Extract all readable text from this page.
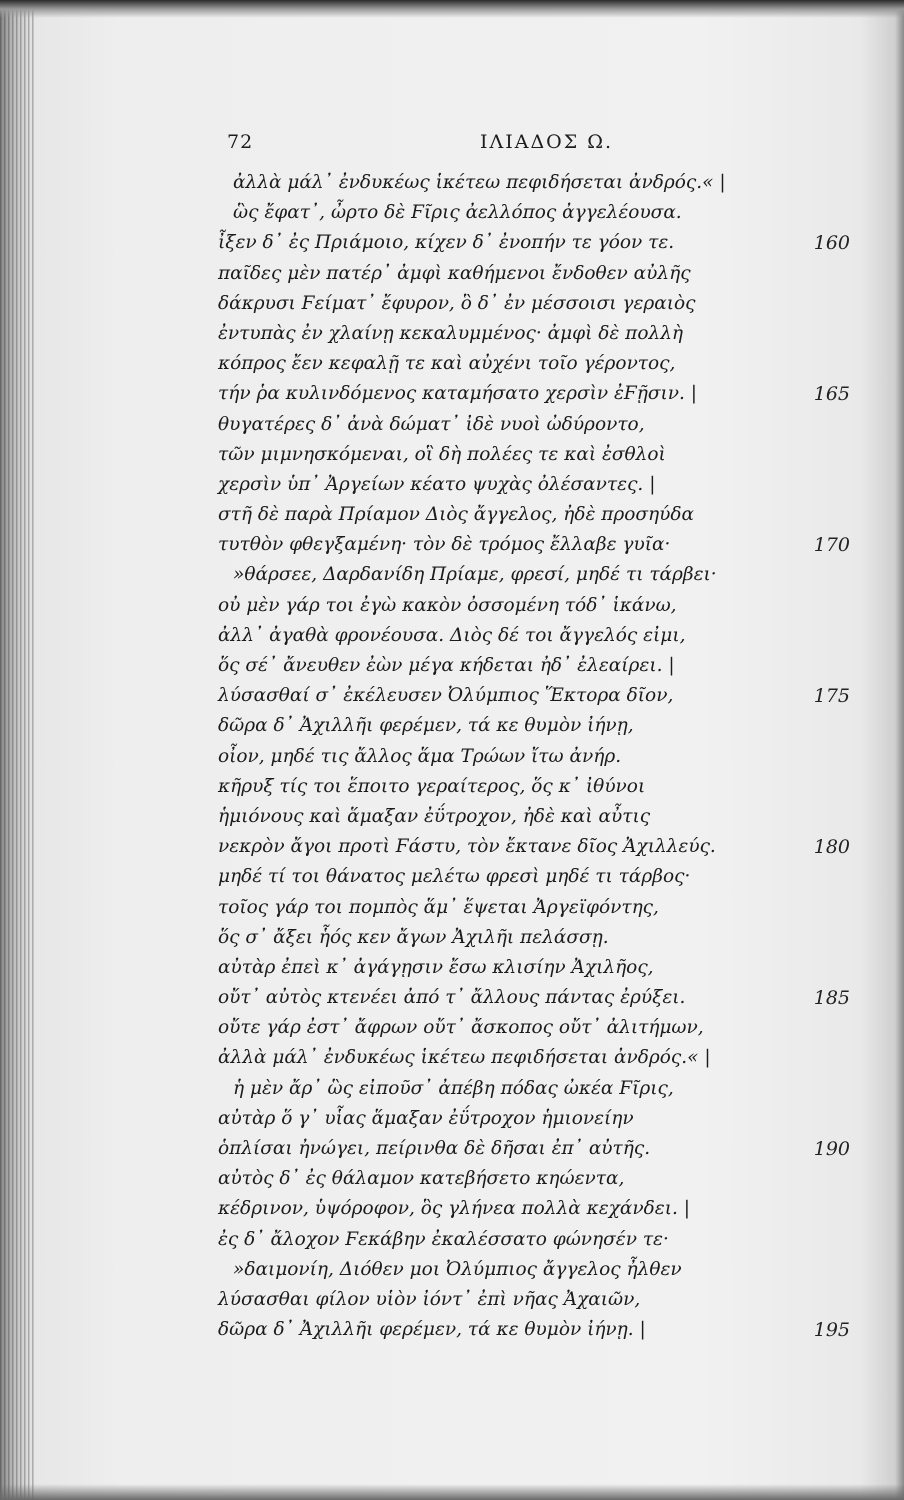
72	ΙΛΙΑΔΟΣ Ω.
ἀλλὰ μάλ᾽ ἐνδυκέως ἱκέτεω πεφιδήσεται ἀνδρός.« |
ὣς ἔφατ᾽, ὦρτο δὲ Ϝῖρις ἀελλόπος ἀγγελέουσα.
ἶξεν δ᾽ ἐς Πριάμοιο, κίχεν δ᾽ ἐνοπήν τε γόον τε.	160
παῖδες μὲν πατέρ᾽ ἀμφὶ καθήμενοι ἔνδοθεν αὐλῆς
δάκρυσι Ϝείματ᾽ ἔφυρον, ὃ δ᾽ ἐν μέσσοισι γεραιὸς
ἐντυπὰς ἐν χλαίνῃ κεκαλυμμένος· ἀμφὶ δὲ πολλὴ
κόπρος ἔεν κεφαλῇ τε καὶ αὐχένι τοῖο γέροντος,
τήν ῥα κυλινδόμενος καταμήσατο χερσὶν ἐϜῇσιν. |	165
θυγατέρες δ᾽ ἀνὰ δώματ᾽ ἰδὲ νυοὶ ὠδύροντο,
τῶν μιμνησκόμεναι, οἳ δὴ πολέες τε καὶ ἐσθλοὶ
χερσὶν ὑπ᾽ Ἀργείων κέατο ψυχὰς ὀλέσαντες. |
στῆ δὲ παρὰ Πρίαμον Διὸς ἄγγελος, ἠδὲ προσηύδα
τυτθὸν φθεγξαμένη· τὸν δὲ τρόμος ἔλλαβε γυῖα·	170
»θάρσεε, Δαρδανίδη Πρίαμε, φρεσί, μηδέ τι τάρβει·
οὐ μὲν γάρ τοι ἐγὼ κακὸν ὀσσομένη τόδ᾽ ἱκάνω,
ἀλλ᾽ ἀγαθὰ φρονέουσα. Διὸς δέ τοι ἄγγελός εἰμι,
ὅς σέ᾽ ἄνευθεν ἐὼν μέγα κήδεται ἠδ᾽ ἐλεαίρει. |
λύσασθαί σ᾽ ἐκέλευσεν Ὀλύμπιος Ἕκτορα δῖον,	175
δῶρα δ᾽ Ἀχιλλῆι φερέμεν, τά κε θυμὸν ἰήνῃ,
οἶον, μηδέ τις ἄλλος ἅμα Τρώων ἴτω ἀνήρ.
κῆρυξ τίς τοι ἕποιτο γεραίτερος, ὅς κ᾽ ἰθύνοι
ἡμιόνους καὶ ἅμαξαν ἐΰτροχον, ἠδὲ καὶ αὖτις
νεκρὸν ἄγοι προτὶ Ϝάστυ, τὸν ἔκτανε δῖος Ἀχιλλεύς.	180
μηδέ τί τοι θάνατος μελέτω φρεσὶ μηδέ τι τάρβος·
τοῖος γάρ τοι πομπὸς ἅμ᾽ ἕψεται Ἀργεϊφόντης,
ὅς σ᾽ ἄξει ἧός κεν ἄγων Ἀχιλῆι πελάσσῃ.
αὐτὰρ ἐπεὶ κ᾽ ἀγάγῃσιν ἔσω κλισίην Ἀχιλῆος,
οὔτ᾽ αὐτὸς κτενέει ἀπό τ᾽ ἄλλους πάντας ἐρύξει.	185
οὔτε γάρ ἐστ᾽ ἄφρων οὔτ᾽ ἄσκοπος οὔτ᾽ ἀλιτήμων,
ἀλλὰ μάλ᾽ ἐνδυκέως ἱκέτεω πεφιδήσεται ἀνδρός.« |
ἡ μὲν ἄρ᾽ ὣς εἰποῦσ᾽ ἀπέβη πόδας ὠκέα Ϝῖρις,
αὐτὰρ ὅ γ᾽ υἷας ἅμαξαν ἐΰτροχον ἡμιονείην
ὁπλίσαι ἠνώγει, πείρινθα δὲ δῆσαι ἐπ᾽ αὐτῆς.	190
αὐτὸς δ᾽ ἐς θάλαμον κατεβήσετο κηώεντα,
κέδρινον, ὑψόροφον, ὃς γλήνεα πολλὰ κεχάνδει. |
ἐς δ᾽ ἄλοχον Ϝεκάβην ἐκαλέσσατο φώνησέν τε·
»δαιμονίη, Διόθεν μοι Ὀλύμπιος ἄγγελος ἦλθεν
λύσασθαι φίλον υἱὸν ἰόντ᾽ ἐπὶ νῆας Ἀχαιῶν,
δῶρα δ᾽ Ἀχιλλῆι φερέμεν, τά κε θυμὸν ἰήνῃ. |	195
